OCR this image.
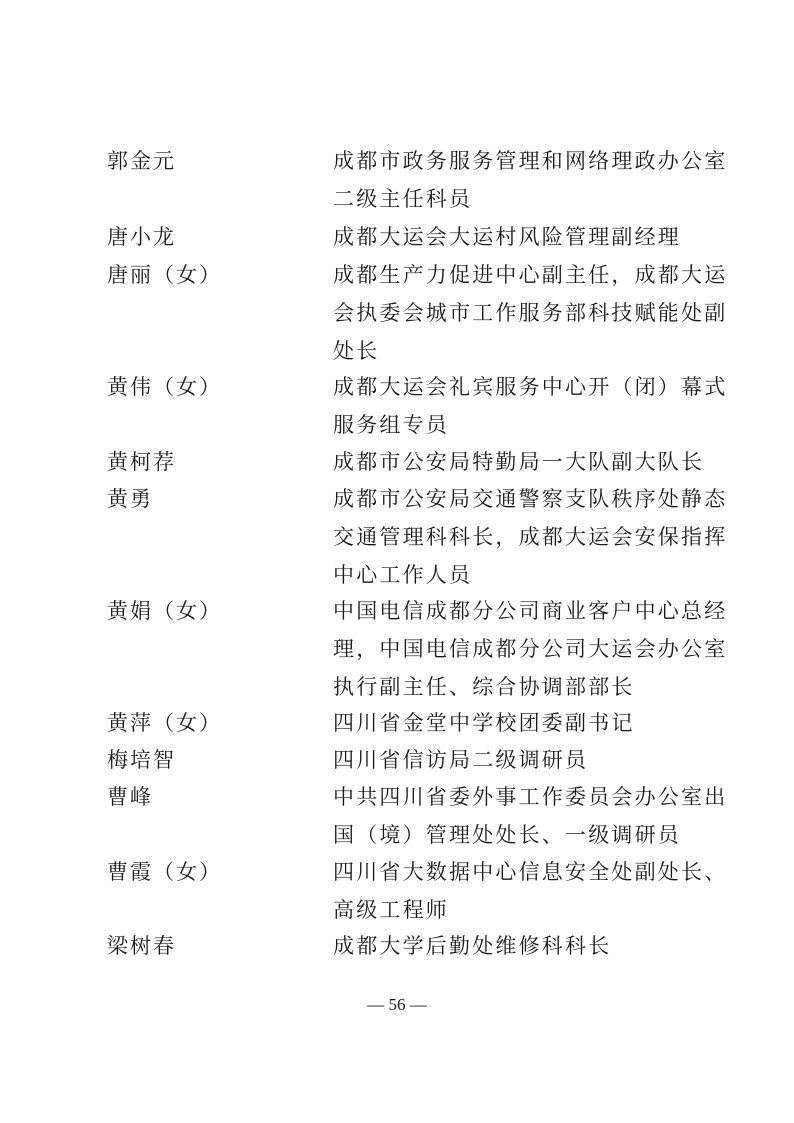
郭金元	成都市政务服务管理和网络理政办公室
二级主任科员
唐小龙	成都大运会大运村风险管理副经理
唐丽（女）	成都生产力促进中心副主任，成都大运
会执委会城市工作服务部科技赋能处副
处长
黄伟（女）	成都大运会礼宾服务中心开（闭）幕式
服务组专员
黄柯荐	成都市公安局特勤局一大队副大队长
黄勇	成都市公安局交通警察支队秩序处静态
交通管理科科长，成都大运会安保指挥
中心工作人员
黄娟（女）	中国电信成都分公司商业客户中心总经
理，中国电信成都分公司大运会办公室
执行副主任、综合协调部部长
黄萍（女）	四川省金堂中学校团委副书记
梅培智	四川省信访局二级调研员
曹峰	中共四川省委外事工作委员会办公室出
国（境）管理处处长、一级调研员
曹霞（女）	四川省大数据中心信息安全处副处长、
高级工程师
梁树春	成都大学后勤处维修科科长
— 56 —
